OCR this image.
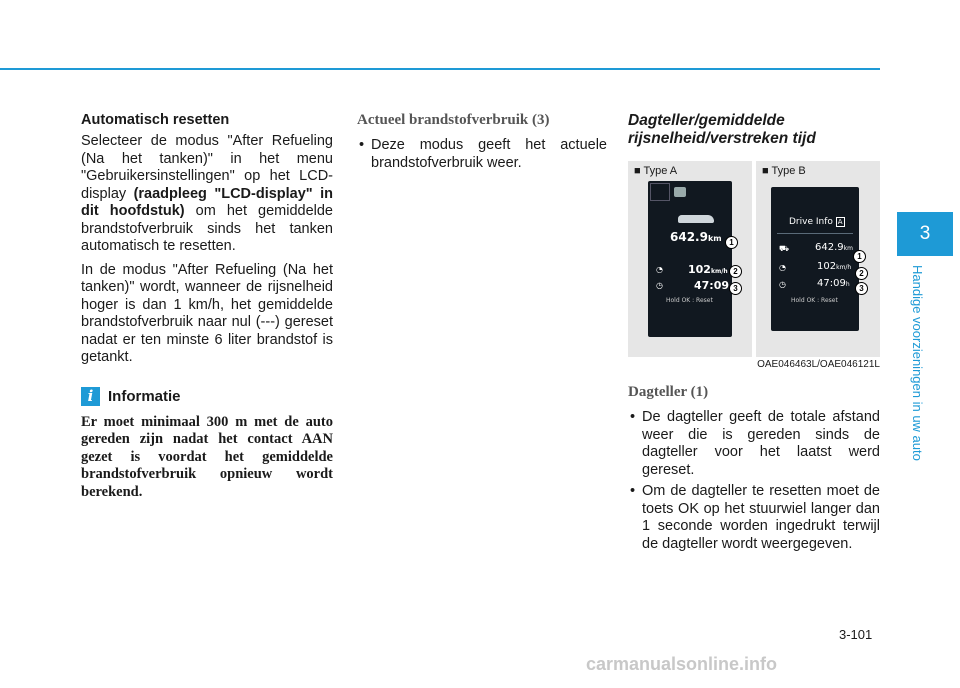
Automatisch resetten

Selecteer de modus "After Refueling (Na het tanken)" in het menu "Gebruikersinstellingen" op het LCD-display (raadpleeg "LCD-display" in dit hoofdstuk) om het gemiddelde brandstofverbruik sinds het tanken automatisch te resetten.

In de modus "After Refueling (Na het tanken)" wordt, wanneer de rijsnelheid hoger is dan 1 km/h, het gemiddelde brandstofverbruik naar nul (---) gereset nadat er ten minste 6 liter brandstof is getankt.

i Informatie
Er moet minimaal 300 m met de auto gereden zijn nadat het contact AAN gezet is voordat het gemiddelde brandstofverbruik opnieuw wordt berekend.
Actueel brandstofverbruik (3)
• Deze modus geeft het actuele brandstofverbruik weer.
Dagteller/gemiddelde rijsnelheid/verstreken tijd
■ Type A	■ Type B
642.9km
◔ 102km/h
◷	47:09
Hold OK : Reset
1
2
3
Drive Info A
⛟	642.9km
◔	102km/h
◷	47:09h
Hold OK : Reset
1
2
3
OAE046463L/OAE046121L
Dagteller (1)
• De dagteller geeft de totale afstand weer die is gereden sinds de dagteller voor het laatst werd gereset.
• Om de dagteller te resetten moet de toets OK op het stuurwiel langer dan 1 seconde worden ingedrukt terwijl de dagteller wordt weergegeven.
3
Handige voorzieningen in uw auto
3-101
carmanualsonline.info
